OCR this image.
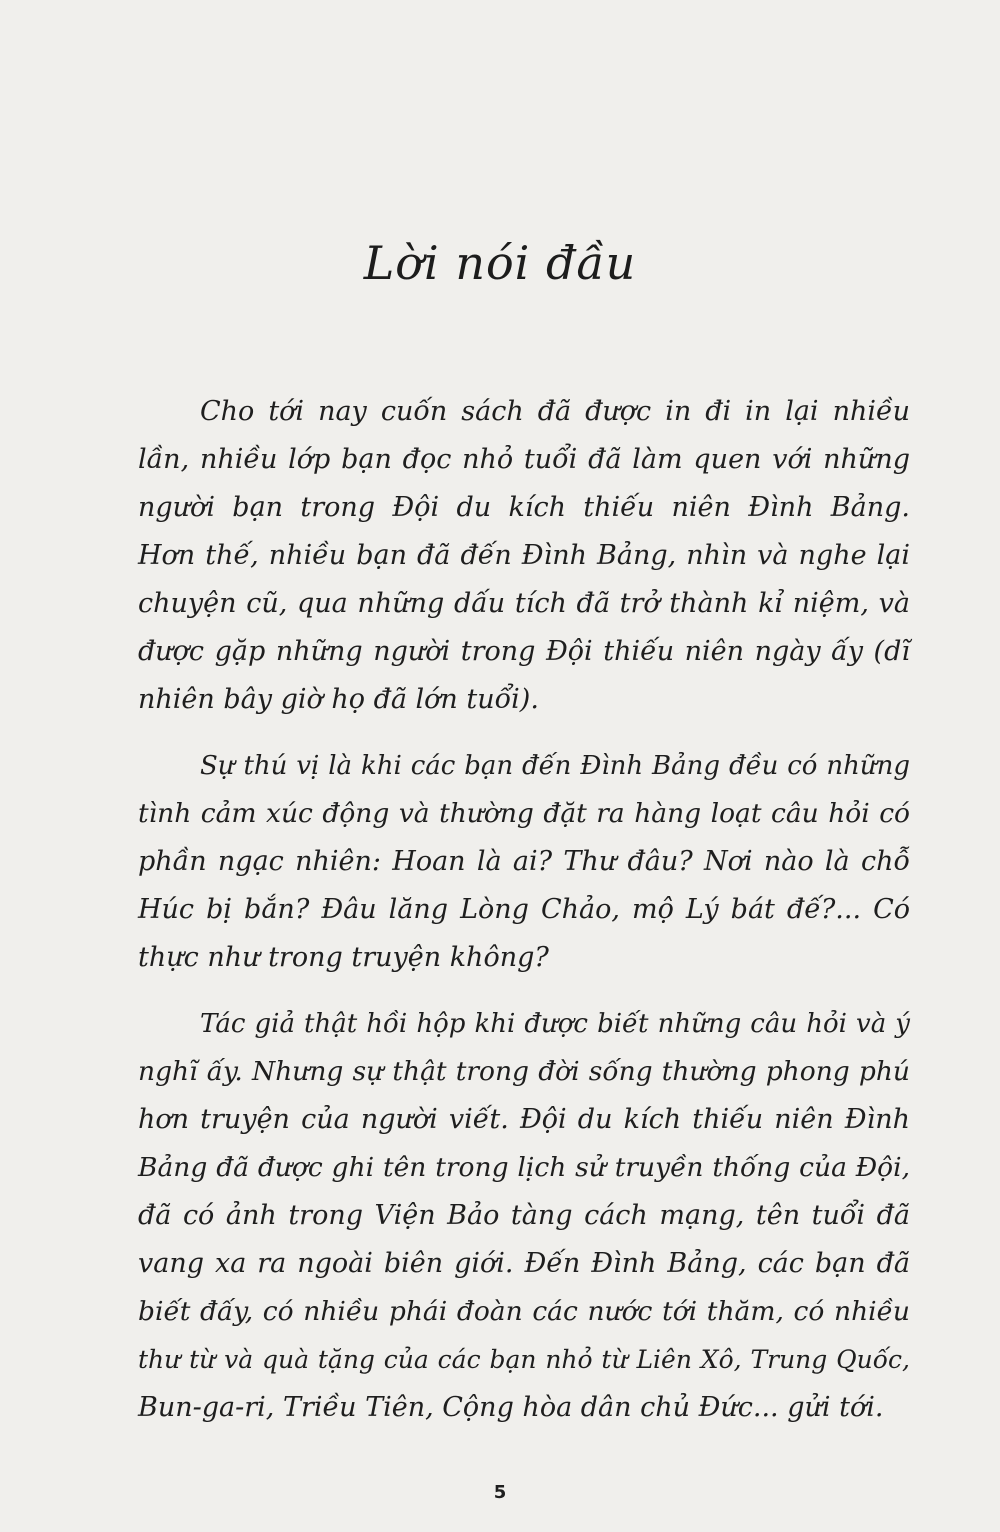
Lời nói đầu
Cho tới nay cuốn sách đã được in đi in lại nhiều
lần, nhiều lớp bạn đọc nhỏ tuổi đã làm quen với những
người bạn trong Đội du kích thiếu niên Đình Bảng.
Hơn thế, nhiều bạn đã đến Đình Bảng, nhìn và nghe lại
chuyện cũ, qua những dấu tích đã trở thành kỉ niệm, và
được gặp những người trong Đội thiếu niên ngày ấy (dĩ
nhiên bây giờ họ đã lớn tuổi).
Sự thú vị là khi các bạn đến Đình Bảng đều có những
tình cảm xúc động và thường đặt ra hàng loạt câu hỏi có
phần ngạc nhiên: Hoan là ai? Thư đâu? Nơi nào là chỗ
Húc bị bắn? Đâu lăng Lòng Chảo, mộ Lý bát đế?... Có
thực như trong truyện không?
Tác giả thật hồi hộp khi được biết những câu hỏi và ý
nghĩ ấy. Nhưng sự thật trong đời sống thường phong phú
hơn truyện của người viết. Đội du kích thiếu niên Đình
Bảng đã được ghi tên trong lịch sử truyền thống của Đội,
đã có ảnh trong Viện Bảo tàng cách mạng, tên tuổi đã
vang xa ra ngoài biên giới. Đến Đình Bảng, các bạn đã
biết đấy, có nhiều phái đoàn các nước tới thăm, có nhiều
thư từ và quà tặng của các bạn nhỏ từ Liên Xô, Trung Quốc,
Bun-ga-ri, Triều Tiên, Cộng hòa dân chủ Đức... gửi tới.
5
